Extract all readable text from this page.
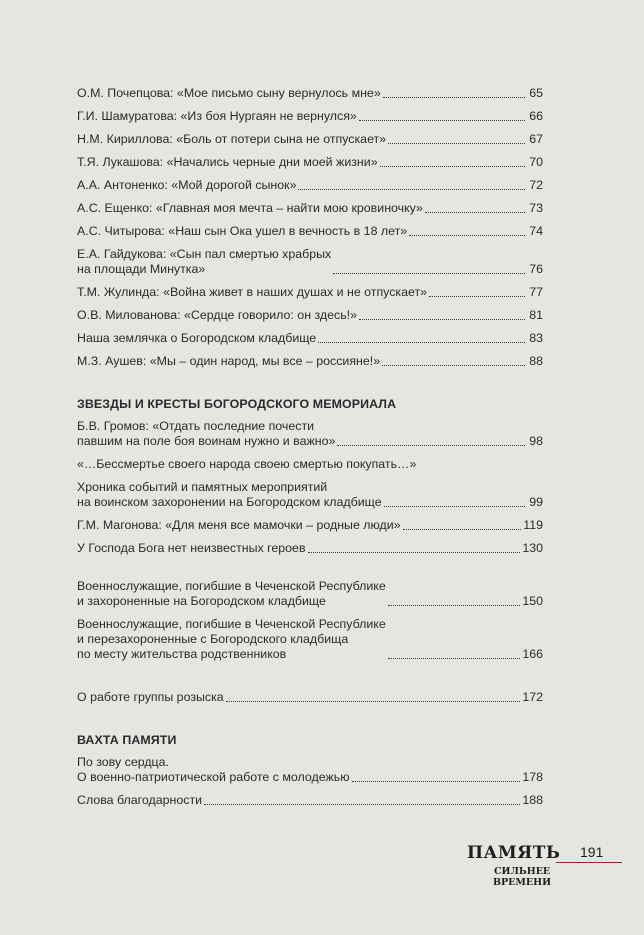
О.М. Почепцова: «Мое письмо сыну вернулось мне»	65
Г.И. Шамуратова: «Из боя Нургаян не вернулся»	66
Н.М. Кириллова: «Боль от потери сына не отпускает»	67
Т.Я. Лукашова: «Начались черные дни моей жизни»	70
А.А. Антоненко: «Мой дорогой сынок»	72
А.С. Ещенко: «Главная моя мечта – найти мою кровиночку»	73
А.С. Читырова: «Наш сын Ока ушел в вечность в 18 лет»	74
Е.А. Гайдукова: «Сын пал смертью храбрых
на площади Минутка»	76
Т.М. Жулинда: «Война живет в наших душах и не отпускает»	77
О.В. Милованова: «Сердце говорило: он здесь!»	81
Наша землячка о Богородском кладбище	83
М.З. Аушев: «Мы – один народ, мы все – россияне!»	88
ЗВЕЗДЫ И КРЕСТЫ БОГОРОДСКОГО МЕМОРИАЛА
Б.В. Громов: «Отдать последние почести
павшим на поле боя воинам нужно и важно»	98
«…Бессмертье своего народа своею смертью покупать…»
Хроника событий и памятных мероприятий
на воинском захоронении на Богородском кладбище	99
Г.М. Магонова: «Для меня все мамочки – родные люди»	119
У Господа Бога нет неизвестных героев	130
Военнослужащие, погибшие в Чеченской Республике
и захороненные на Богородском кладбище	150
Военнослужащие, погибшие в Чеченской Республике
и перезахороненные с Богородского кладбища
по месту жительства родственников	166
О работе группы розыска	172
ВАХТА ПАМЯТИ
По зову сердца.
О военно-патриотической работе с молодежью	178
Слова благодарности	188
ПАМЯТЬ
СИЛЬНЕЕ
ВРЕМЕНИ
191
